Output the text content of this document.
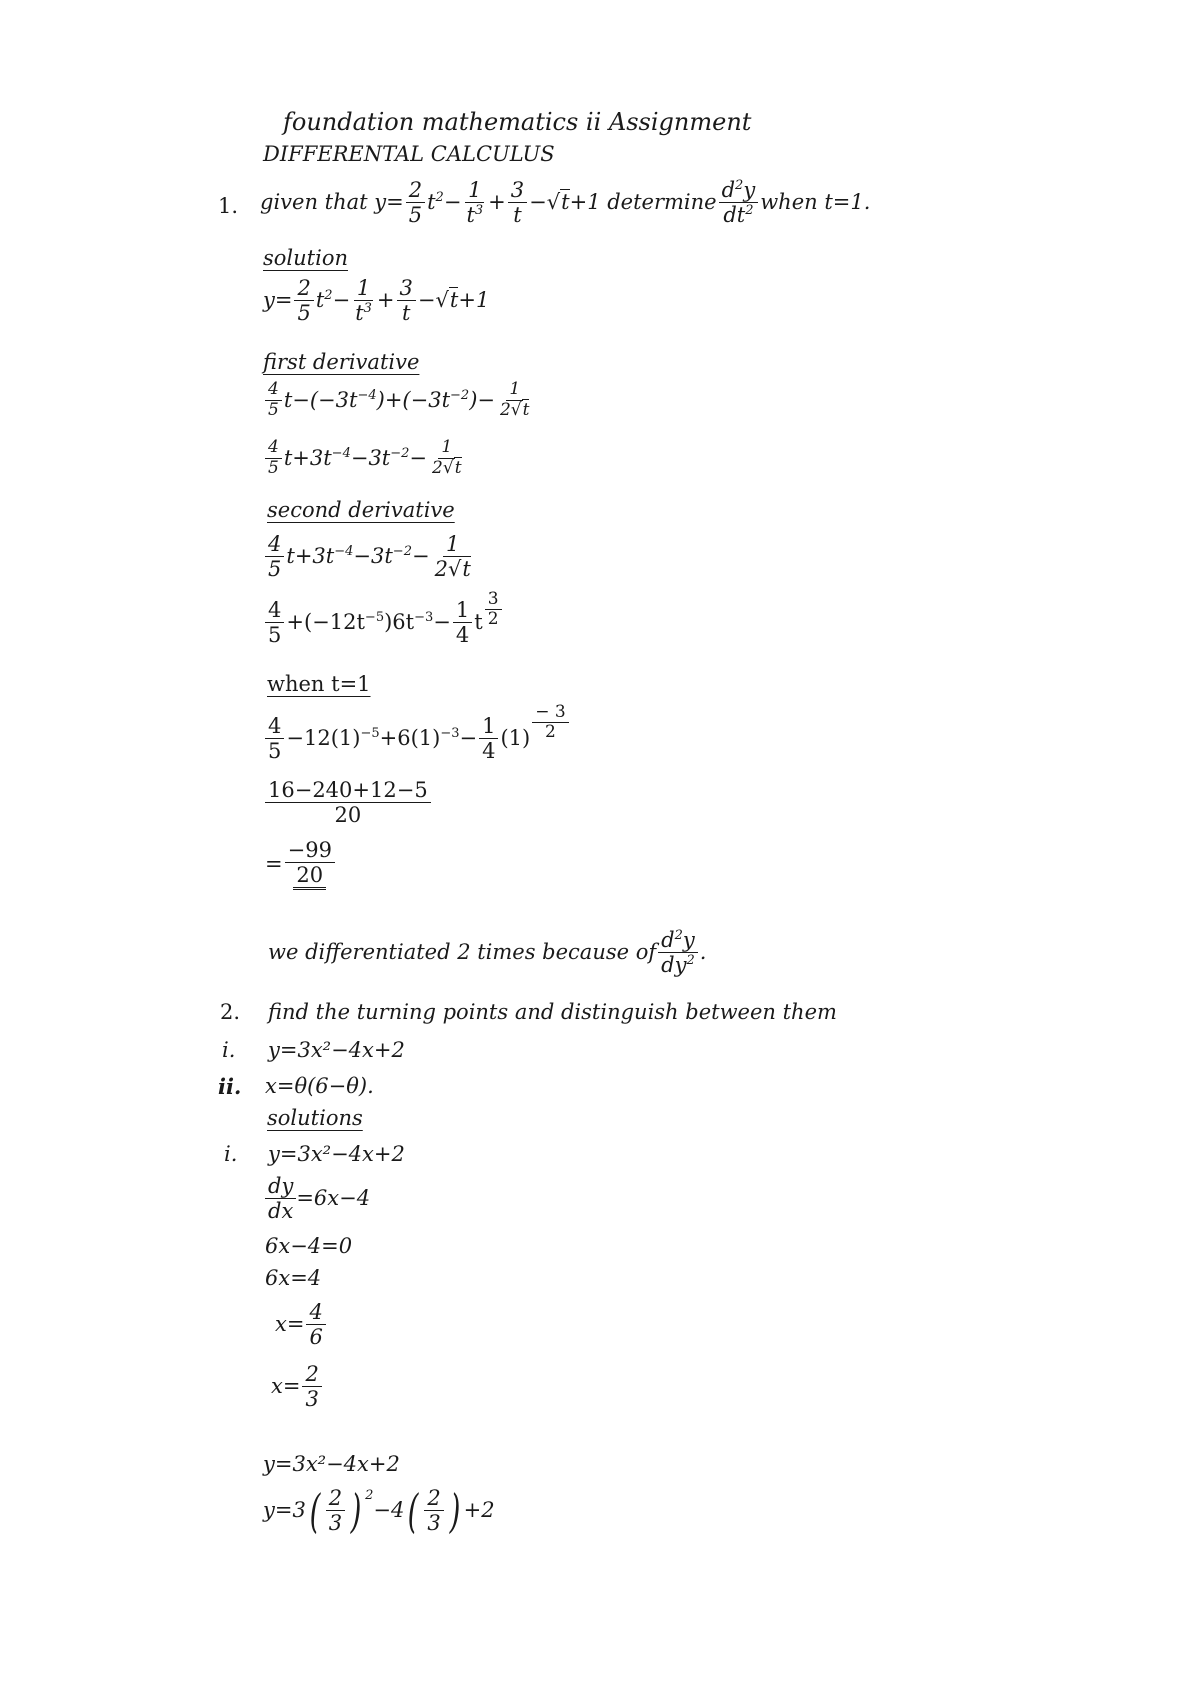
foundation mathematics ii Assignment
DIFFERENTAL CALCULUS
1. given that $y= \frac{2}{5} t^2- \frac{1}{t^3} + \frac{3}{t} -√t+1$ determine $\frac{d^2y}{dt^2}$ when t=1.
solution
$y= \frac{2}{5} t^2- \frac{1}{t^3} + \frac{3}{t} -√t+1$
first derivative
$\frac{4}{5} t-(-3t^{-4})+(-3t^{-2})- \frac{1}{2√t}$
$\frac{4}{5} t+3t^{-4}-3t^{-2}- \frac{1}{2√t}$
second derivative
$\frac{4}{5} t+3t^{-4}-3t^{-2}- \frac{1}{2√t}$
$\frac{4}{5} +(-12t^{-5})6t^{-3}- \frac{1}{4}$ t $\frac{3}{2}$
when t=1
$\frac{4}{5} -12(1)^{-5}+6(1)^{-3}- \frac{1}{4} (1) \frac{- 3}{2}$
$\frac{16-240+12-5}{20}$
= $\frac{-99}{20}$
we differentiated 2 times because of $\frac{d^2y}{dy^2}$ .
2. find the turning points and distinguish between them
i. y=3x²−4x+2
ii. x=θ(6−θ).
solutions
i. y=3x²−4x+2
$\frac{dy}{dx} =6x-4$
6x−4=0
6x=4
$x= \frac{4}{6}$
$x= \frac{2}{3}$
y=3x²−4x+2
y=3 ( $\frac{2}{3}$ ) 2
−4 ( $\frac{2}{3}$ ) +2
